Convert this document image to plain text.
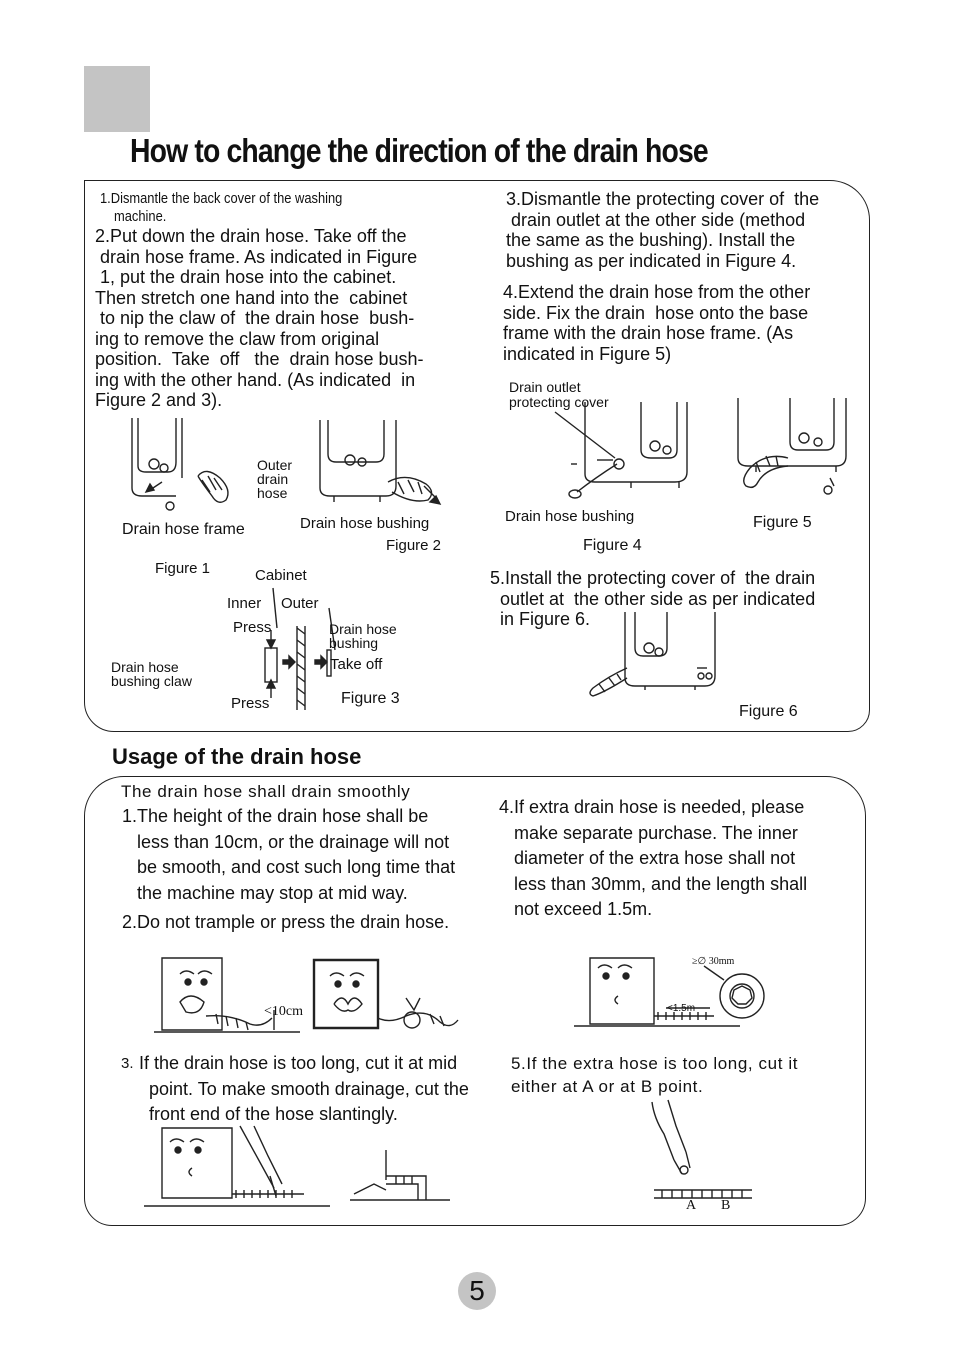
How to change the direction of the drain hose
1.Dismantle the back cover of the washing
machine.
2.Put down the drain hose. Take off the
drain hose frame. As indicated in Figure
1, put the drain hose into the cabinet.
Then stretch one hand into the  cabinet
to nip the claw of  the drain hose  bush-
ing to remove the claw from original
position.  Take  off   the  drain hose bush-
ing with the other hand. (As indicated  in
Figure 2 and 3).
3.Dismantle the protecting cover of  the
drain outlet at the other side (method
the same as the bushing). Install the
bushing as per indicated in Figure 4.
4.Extend the drain hose from the other
side. Fix the drain  hose onto the base
frame with the drain hose frame. (As
indicated in Figure 5)
5.Install the protecting cover of  the drain
outlet at  the other side as per indicated
in Figure 6.
Outer
drain
hose
Drain hose frame
Figure 1
Drain hose bushing
Figure 2
Cabinet
Inner Outer
Press	Drain hose
bushing
Take off
Drain hose
bushing claw
Press	Figure 3
Drain outlet
protecting cover
Drain hose bushing
Figure 4
Figure 5
Figure 6
Usage of the drain hose
The drain hose shall drain smoothly
1.The height of the drain hose shall be
less than 10cm, or the drainage will not
be smooth, and cost such long time that
the machine may stop at mid way.
2.Do not trample or press the drain hose.
4.If extra drain hose is needed, please
make separate purchase. The inner
diameter of the extra hose shall not
less than 30mm, and the length shall
not exceed 1.5m.
3. If the drain hose is too long, cut it at mid
point. To make smooth drainage, cut the
front end of the hose slantingly.
5.If the extra hose is too long, cut it
either at A or at B point.
<10cm
≥∅ 30mm
<1.5m
A B
5
